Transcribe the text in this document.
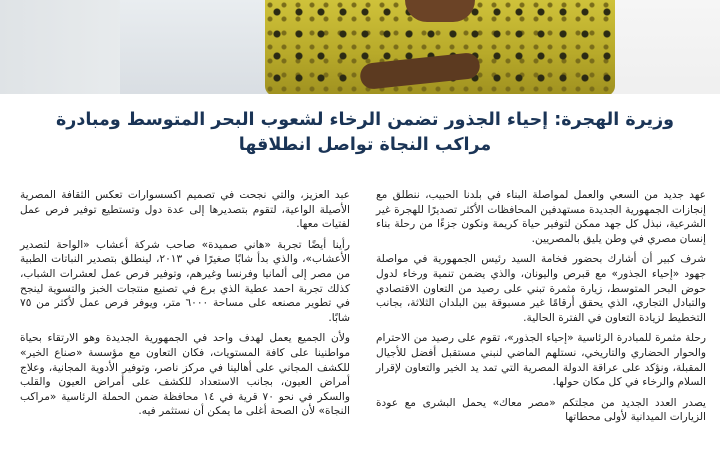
وزيرة الهجرة: إحياء الجذور تضمن الرخاء لشعوب البحر المتوسط ومبادرة
مراكب النجاة تواصل انطلاقها

عهد جديد من السعي والعمل لمواصلة البناء في بلدنا الحبيب، ننطلق مع إنجازات الجمهورية الجديدة مستهدفين المحافظات الأكثر تصديرًا للهجرة غير الشرعية، نبذل كل جهد ممكن لتوفير حياة كريمة ونكون جزءًا من رحلة بناء إنسان مصري في وطن يليق بالمصريين.

شرف كبير أن أشارك بحضور فخامة السيد رئيس الجمهورية في مواصلة جهود «إحياء الجذور» مع قبرص واليونان، والذي يضمن تنمية ورخاء لدول حوض البحر المتوسط، زيارة مثمرة تبني على رصيد من التعاون الاقتصادي والتبادل التجاري، الذي يحقق أرقامًا غير مسبوقة بين البلدان الثلاثة، بجانب التخطيط لزيادة التعاون في الفترة الحالية.

رحلة مثمرة للمبادرة الرئاسية «إحياء الجذور»، تقوم على رصيد من الاحترام والحوار الحضاري والتاريخي، نستلهم الماضي لنبني مستقبل أفضل للأجيال المقبلة، ونؤكد على عراقة الدولة المصرية التي تمد يد الخير والتعاون لإقرار السلام والرخاء في كل مكان حولها.

يصدر العدد الجديد من مجلتكم «مصر معاك» يحمل البشرى مع عودة الزيارات الميدانية لأولى محطاتها

عبد العزيز، والتي نجحت في تصميم اكسسوارات تعكس الثقافة المصرية الأصيلة الواعية، لتقوم بتصديرها إلى عدة دول وتستطيع توفير فرص عمل لفتيات معها.

رأينا أيضًا تجربة «هاني صميدة» صاحب شركة أعشاب «الواحة لتصدير الأعشاب»، والذي بدأ شابًا صغيرًا في ٢٠١٣، لينطلق بتصدير النباتات الطبية من مصر إلى ألمانيا وفرنسا وغيرهم، وتوفير فرص عمل لعشرات الشباب، كذلك تجربة احمد عطية الذي برع في تصنيع منتجات الخبز والتسوية لينجح في تطوير مصنعه على مساحة ٦٠٠٠ متر، ويوفر فرص عمل لأكثر من ٧٥ شابًا.

ولأن الجميع يعمل لهدف واحد في الجمهورية الجديدة وهو الارتقاء بحياة مواطنينا على كافة المستويات، فكان التعاون مع مؤسسة «صناع الخير» للكشف المجاني على أهالينا في مركز ناصر، وتوفير الأدوية المجانية، وعلاج أمراض العيون، بجانب الاستعداد للكشف على أمراض العيون والقلب والسكر في نحو ٧٠ قرية في ١٤ محافظة ضمن الحملة الرئاسية «مراكب النجاة» لأن الصحة أغلى ما يمكن أن نستثمر فيه.
